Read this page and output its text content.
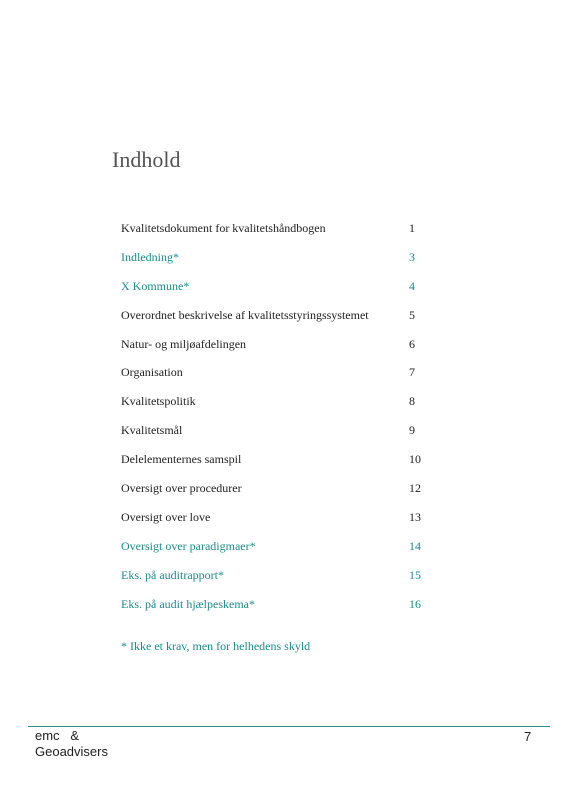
Indhold
Kvalitetsdokument for kvalitetshåndbogen	1
Indledning*	3
X Kommune*	4
Overordnet beskrivelse af kvalitetsstyringssystemet	5
Natur- og miljøafdelingen	6
Organisation	7
Kvalitetspolitik	8
Kvalitetsmål	9
Delelementernes samspil	10
Oversigt over procedurer	12
Oversigt over love	13
Oversigt over paradigmaer*	14
Eks. på auditrapport*	15
Eks. på audit hjælpeskema*	16
* Ikke et krav, men for helhedens skyld
emc   &
Geoadvisers
7
